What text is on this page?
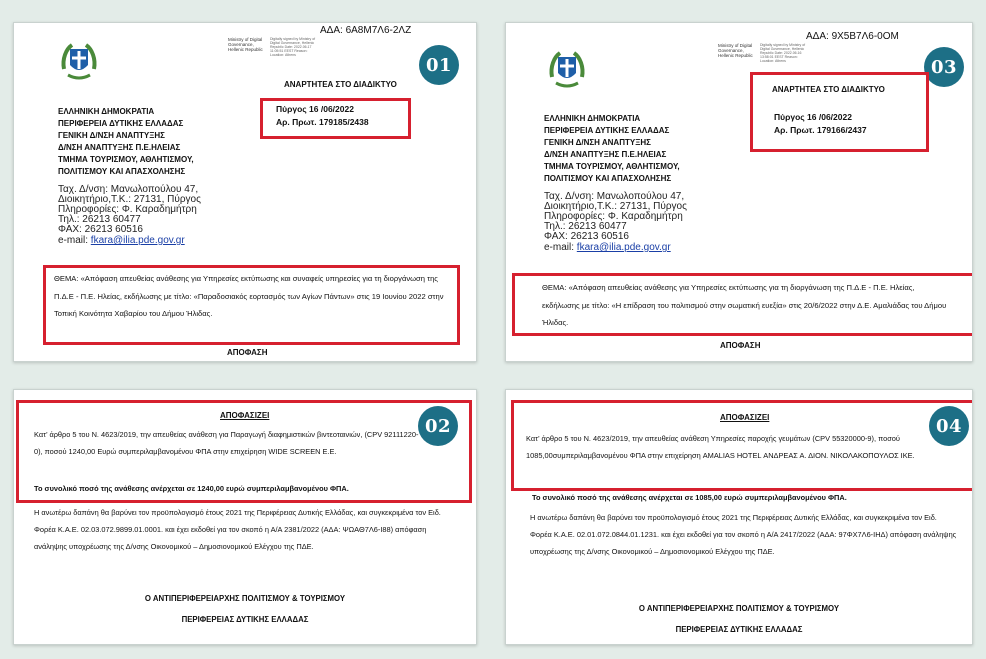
ΑΔΑ: 6Α8Μ7Λ6-2ΛΖ
Ministry of Digital Governance, Hellenic Republic
Digitally signed by Ministry of Digital Governance, Hellenic Republic Date: 2022.06.17 11:05:51 EEST Reason: Location: Athens	01
ΑΝΑΡΤΗΤΕΑ ΣΤΟ ΔΙΑΔΙΚΤΥΟ
ΕΛΛΗΝΙΚΗ ΔΗΜΟΚΡΑΤΙΑ
ΠΕΡΙΦΕΡΕΙΑ ΔΥΤΙΚΗΣ ΕΛΛΑΔΑΣ
ΓΕΝΙΚΗ Δ/ΝΣΗ ΑΝΑΠΤΥΞΗΣ
Δ/ΝΣΗ ΑΝΑΠΤΥΞΗΣ Π.Ε.ΗΛΕΙΑΣ
ΤΜΗΜΑ ΤΟΥΡΙΣΜΟΥ, ΑΘΛΗΤΙΣΜΟΥ,
ΠΟΛΙΤΙΣΜΟΥ ΚΑΙ ΑΠΑΣΧΟΛΗΣΗΣ
Ταχ. Δ/νση: Μανωλοπούλου 47,
Διοικητήριο,Τ.Κ.: 27131, Πύργος
Πληροφορίες: Φ. Καραδημήτρη
Τηλ.: 26213 60477
ΦΑΧ: 26213 60516
e-mail: fkara@ilia.pde.gov.gr
Πύργος 16 /06/2022
Αρ. Πρωτ. 179185/2438
ΘΕΜΑ: «Απόφαση απευθείας ανάθεσης για Υπηρεσίες εκτύπωσης και συναφείς υπηρεσίες για τη διοργάνωση της Π.Δ.Ε - Π.Ε. Ηλείας, εκδήλωσης με τίτλο: «Παραδοσιακός εορτασμός των Αγίων Πάντων» στις 19 Ιουνίου 2022 στην Τοπική Κοινότητα Χαβαρίου του Δήμου Ήλιδας.
ΑΠΟΦΑΣΗ
ΑΔΑ: 9Χ5Β7Λ6-0ΟΜ
Ministry of Digital Governance, Hellenic Republic
Digitally signed by Ministry of Digital Governance, Hellenic Republic Date: 2022.06.16 13:58:01 EEST Reason: Location: Athens	03
ΑΝΑΡΤΗΤΕΑ ΣΤΟ ΔΙΑΔΙΚΤΥΟ
Πύργος 16 /06/2022
Αρ. Πρωτ. 179166/2437
ΕΛΛΗΝΙΚΗ ΔΗΜΟΚΡΑΤΙΑ
ΠΕΡΙΦΕΡΕΙΑ ΔΥΤΙΚΗΣ ΕΛΛΑΔΑΣ
ΓΕΝΙΚΗ Δ/ΝΣΗ ΑΝΑΠΤΥΞΗΣ
Δ/ΝΣΗ ΑΝΑΠΤΥΞΗΣ Π.Ε.ΗΛΕΙΑΣ
ΤΜΗΜΑ ΤΟΥΡΙΣΜΟΥ, ΑΘΛΗΤΙΣΜΟΥ,
ΠΟΛΙΤΙΣΜΟΥ ΚΑΙ ΑΠΑΣΧΟΛΗΣΗΣ
Ταχ. Δ/νση: Μανωλοπούλου 47,
Διοικητήριο,Τ.Κ.: 27131, Πύργος
Πληροφορίες: Φ. Καραδημήτρη
Τηλ.: 26213 60477
ΦΑΧ: 26213 60516
e-mail: fkara@ilia.pde.gov.gr
ΘΕΜΑ: «Απόφαση απευθείας ανάθεσης για Υπηρεσίες εκτύπωσης για τη διοργάνωση της Π.Δ.Ε - Π.Ε. Ηλείας, εκδήλωσης με τίτλο: «Η επίδραση του πολιτισμού στην σωματική ευεξία» στις 20/6/2022 στην Δ.Ε. Αμαλιάδας του Δήμου Ήλιδας.
ΑΠΟΦΑΣΗ
02
ΑΠΟΦΑΣΙΖΕΙ
Κατ’ άρθρο 5 του Ν. 4623/2019, την απευθείας ανάθεση για Παραγωγή διαφημιστικών βιντεοταινιών, (CPV 92111220-0), ποσού 1240,00 Ευρώ συμπεριλαμβανομένου ΦΠΑ στην επιχείρηση WIDE SCREEN Ε.Ε.
Το συνολικό ποσό της ανάθεσης ανέρχεται σε 1240,00 ευρώ συμπεριλαμβανομένου ΦΠΑ.
Η ανωτέρω δαπάνη θα βαρύνει τον προϋπολογισμό έτους 2021 της Περιφέρειας Δυτικής Ελλάδας, και συγκεκριμένα τον Ειδ. Φορέα Κ.Α.Ε. 02.03.072.9899.01.0001. και έχει εκδοθεί για τον σκοπό η Α/Α 2381/2022 (ΑΔΑ: ΨΩΑΘ7Λ6-Ι88) απόφαση ανάληψης υποχρέωσης της Δ/νσης Οικονομικού – Δημοσιονομικού Ελέγχου της ΠΔΕ.
Ο ΑΝΤΙΠΕΡΙΦΕΡΕΙΑΡΧΗΣ ΠΟΛΙΤΙΣΜΟΥ & ΤΟΥΡΙΣΜΟΥ
ΠΕΡΙΦΕΡΕΙΑΣ ΔΥΤΙΚΗΣ ΕΛΛΑΔΑΣ
04
ΑΠΟΦΑΣΙΖΕΙ
Κατ’ άρθρο 5 του Ν. 4623/2019, την απευθείας ανάθεση Υπηρεσίες παροχής γευμάτων (CPV 55320000-9), ποσού 1085,00συμπεριλαμβανομένου ΦΠΑ στην επιχείρηση AMALIAS HOTEL ΑΝΔΡΕΑΣ Α. ΔΙΟΝ. ΝΙΚΟΛΑΚΟΠΟΥΛΟΣ ΙΚΕ.
Το συνολικό ποσό της ανάθεσης ανέρχεται σε 1085,00 ευρώ συμπεριλαμβανομένου ΦΠΑ.
Η ανωτέρω δαπάνη θα βαρύνει τον προϋπολογισμό έτους 2021 της Περιφέρειας Δυτικής Ελλάδας, και συγκεκριμένα τον Ειδ. Φορέα Κ.Α.Ε. 02.01.072.0844.01.1231. και έχει εκδοθεί για τον σκοπό η Α/Α 2417/2022 (ΑΔΑ: 97ΦΧ7Λ6-ΙΗΔ) απόφαση ανάληψης υποχρέωσης της Δ/νσης Οικονομικού – Δημοσιονομικού Ελέγχου της ΠΔΕ.
Ο ΑΝΤΙΠΕΡΙΦΕΡΕΙΑΡΧΗΣ ΠΟΛΙΤΙΣΜΟΥ & ΤΟΥΡΙΣΜΟΥ
ΠΕΡΙΦΕΡΕΙΑΣ ΔΥΤΙΚΗΣ ΕΛΛΑΔΑΣ
